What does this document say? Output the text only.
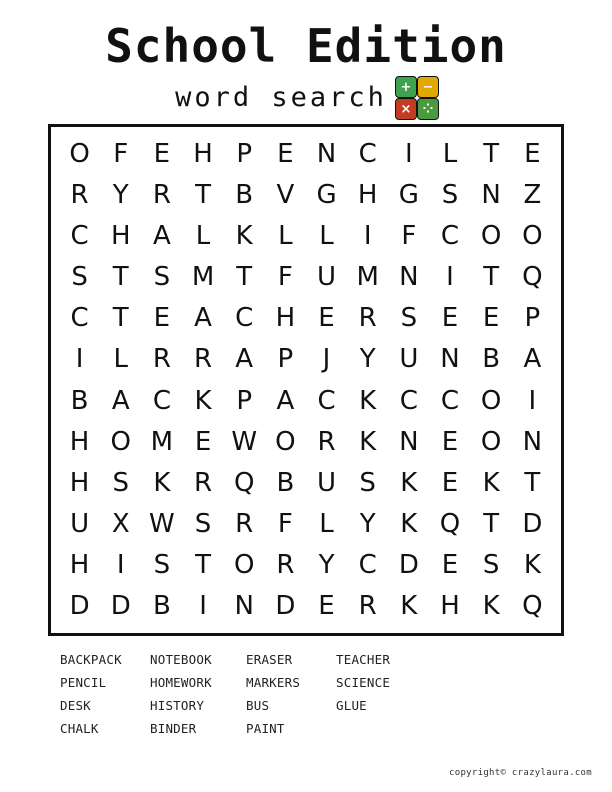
School Edition
word search	+ −
× ⁘
O	F	E	H	P	E	N	C	I	L	T	E
R	Y	R	T	B	V	G	H	G	S	N	Z
C	H	A	L	K	L	L	I	F	C	O	O
S	T	S	M	T	F	U	M	N	I	T	Q
C	T	E	A	C	H	E	R	S	E	E	P
I	L	R	R	A	P	J	Y	U	N	B	A
B	A	C	K	P	A	C	K	C	C	O	I
H	O	M	E	W	O	R	K	N	E	O	N
H	S	K	R	Q	B	U	S	K	E	K	T
U	X	W	S	R	F	L	Y	K	Q	T	D
H	I	S	T	O	R	Y	C	D	E	S	K
D	D	B	I	N	D	E	R	K	H	K	Q
BACKPACK
PENCIL
DESK
CHALK
NOTEBOOK
HOMEWORK
HISTORY
BINDER
ERASER
MARKERS
BUS
PAINT
TEACHER
SCIENCE
GLUE
copyright© crazylaura.com
